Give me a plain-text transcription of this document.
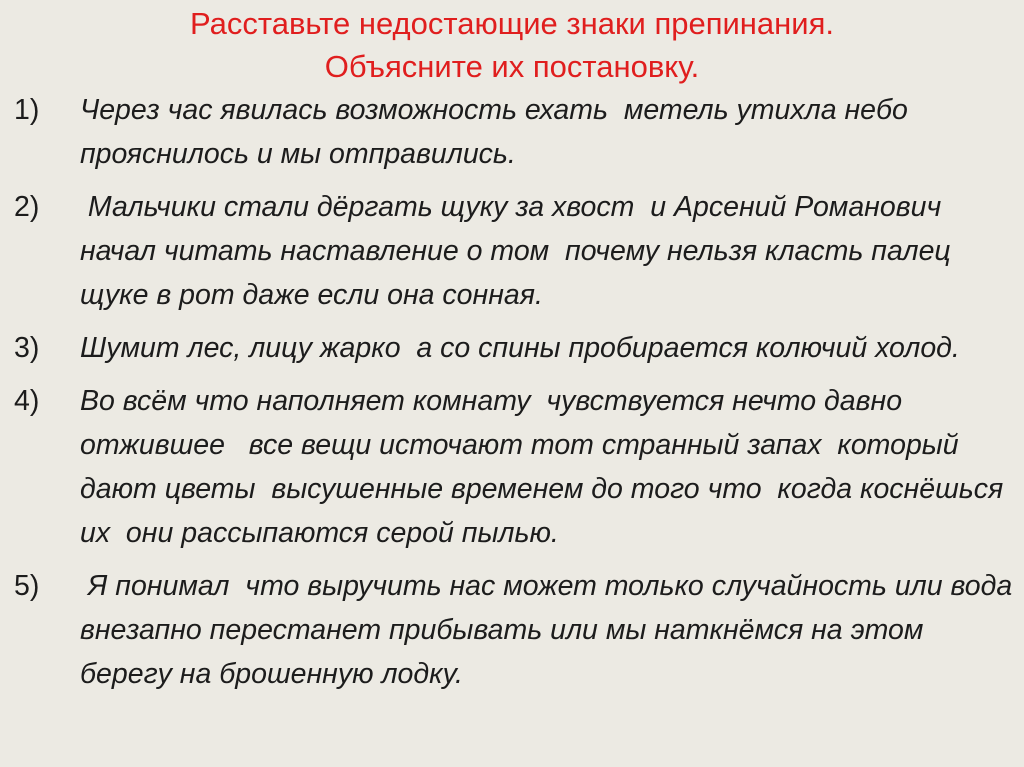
Расставьте недостающие знаки препинания.
Объясните их постановку.
1) Через час явилась возможность ехать  метель утихла небо прояснилось и мы отправились.
2) Мальчики стали дёргать щуку за хвост  и Арсений Романович начал читать наставление о том  почему нельзя класть палец щуке в рот даже если она сонная.
3) Шумит лес, лицу жарко  а со спины пробирается колючий холод.
4) Во всём что наполняет комнату  чувствуется нечто давно отжившее   все вещи источают тот странный запах  который дают цветы  высушенные временем до того что  когда коснёшься их  они рассыпаются серой пылью.
5) Я понимал  что выручить нас может только случайность или вода внезапно перестанет прибывать или мы наткнёмся на этом берегу на брошенную лодку.
